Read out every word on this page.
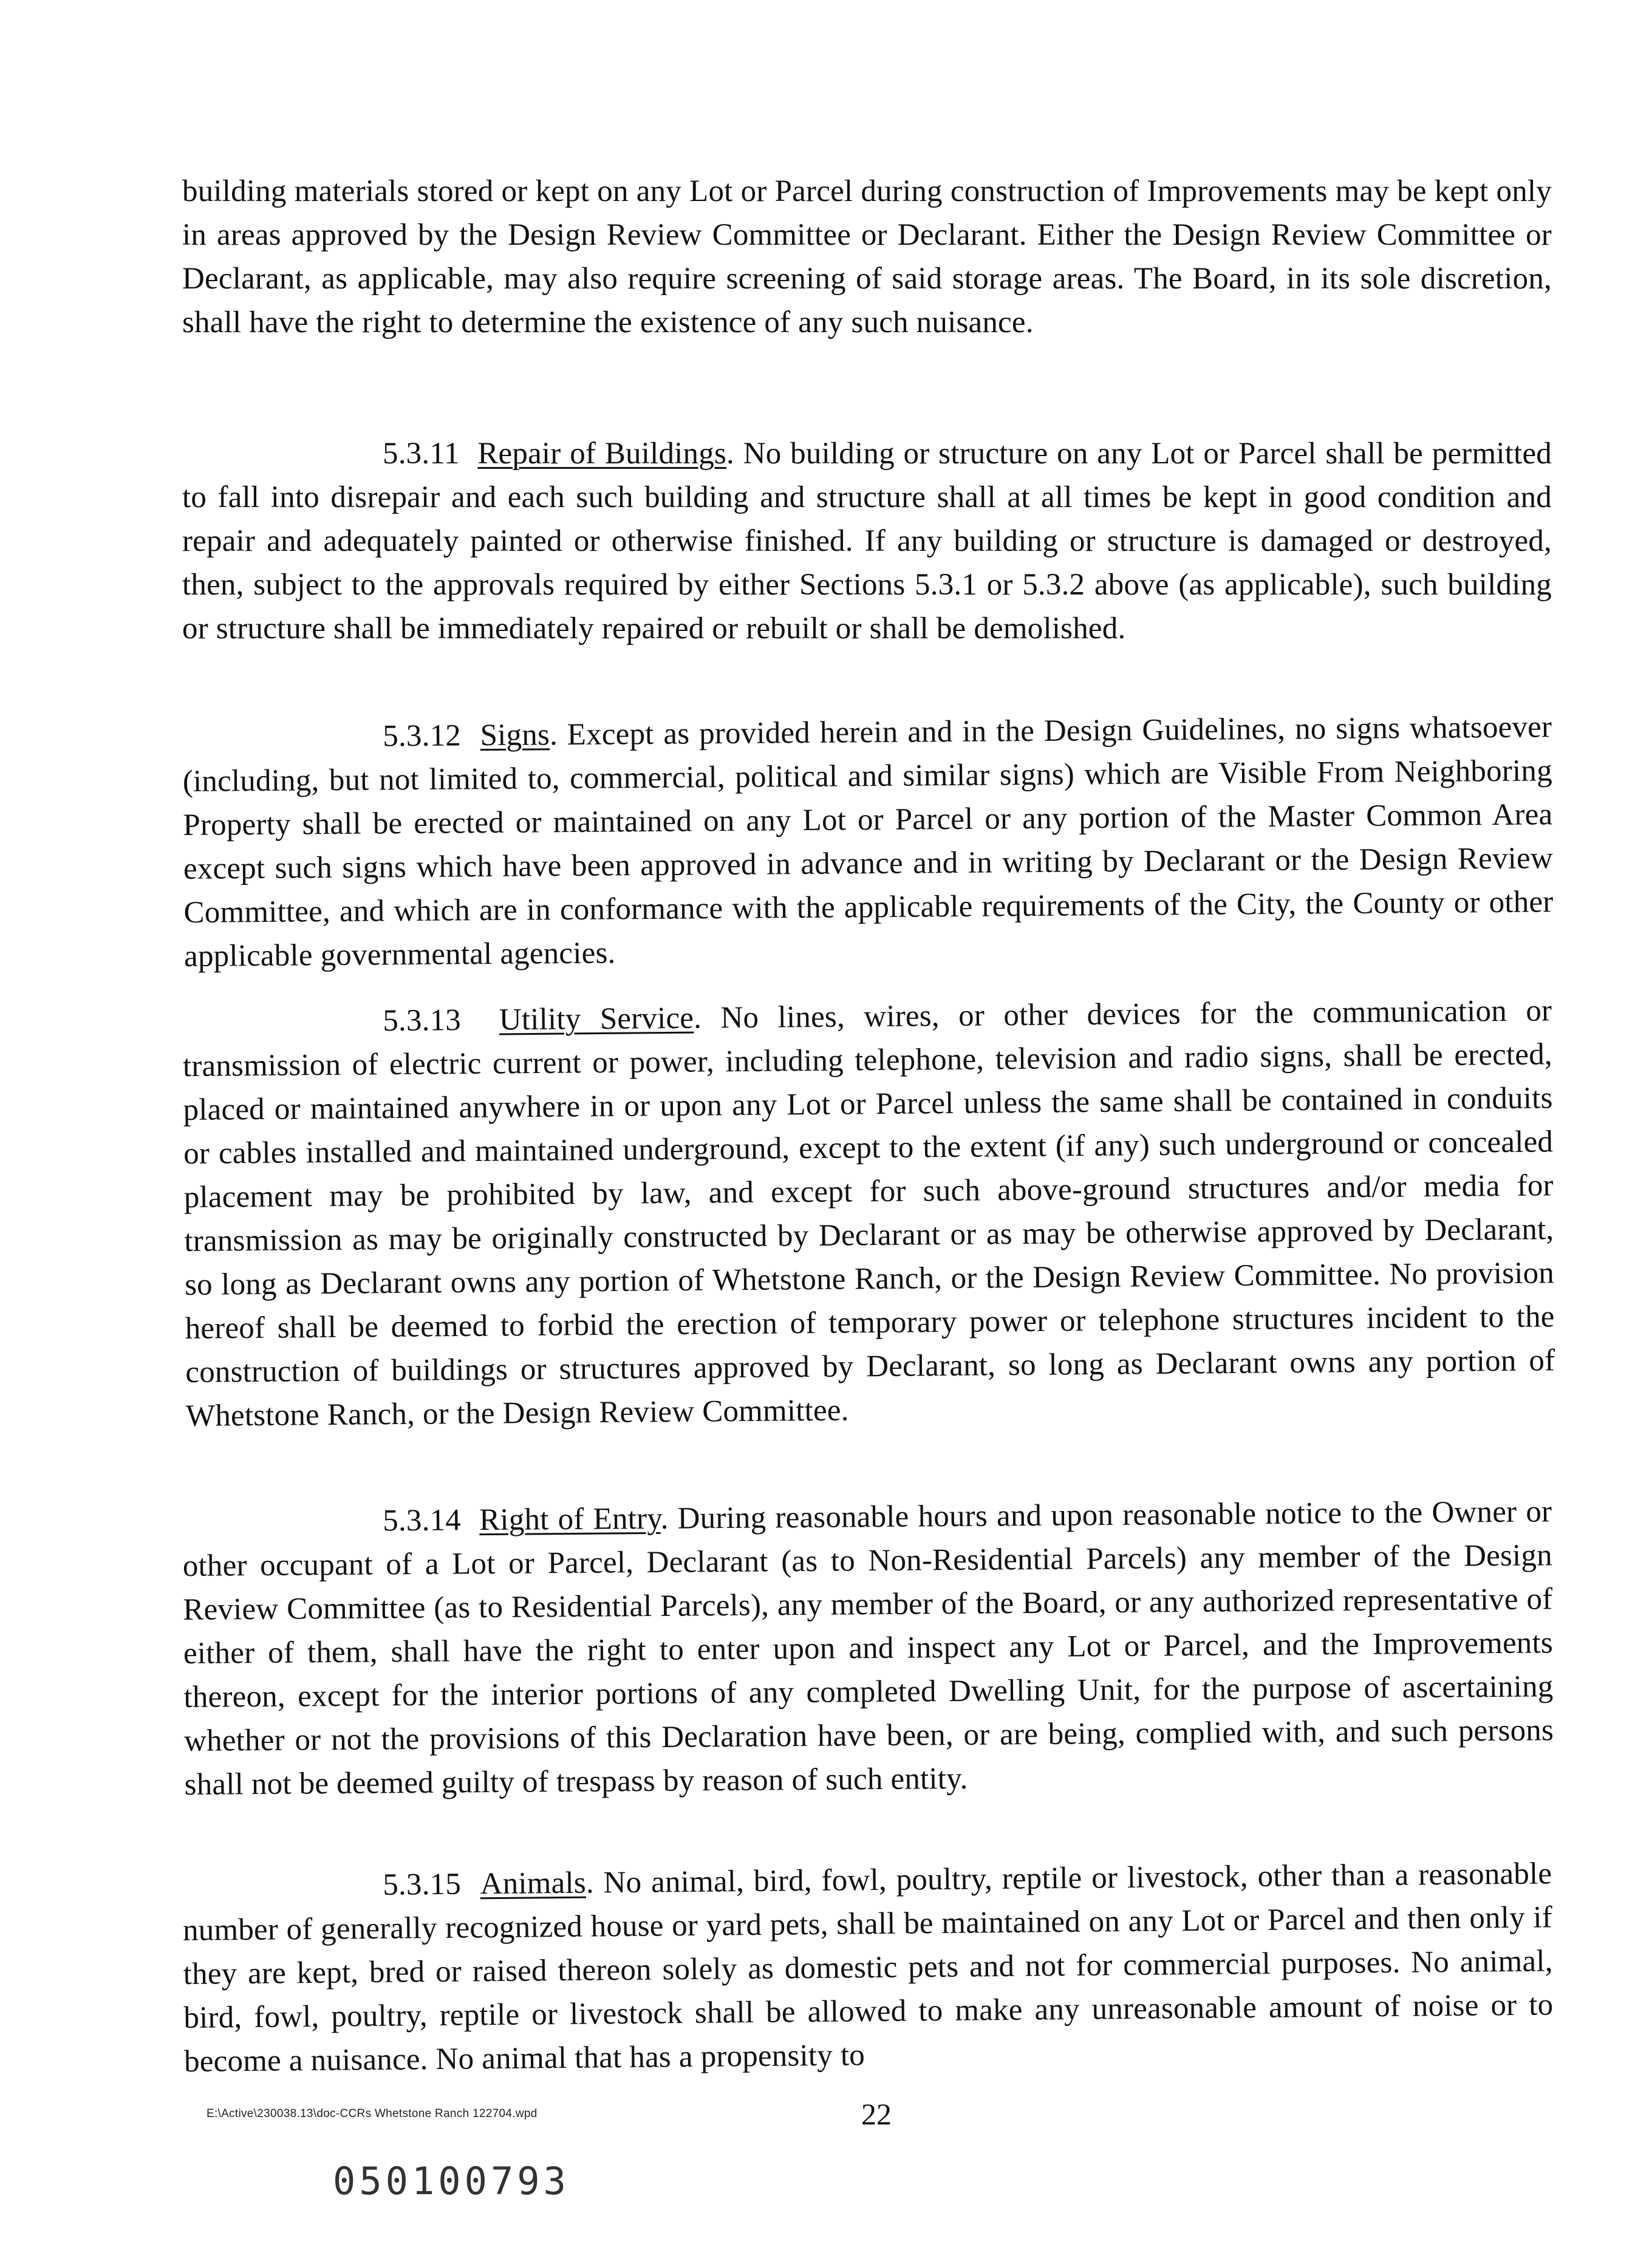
building materials stored or kept on any Lot or Parcel during construction of Improvements may be kept only in areas approved by the Design Review Committee or Declarant. Either the Design Review Committee or Declarant, as applicable, may also require screening of said storage areas. The Board, in its sole discretion, shall have the right to determine the existence of any such nuisance.

5.3.11 Repair of Buildings. No building or structure on any Lot or Parcel shall be permitted to fall into disrepair and each such building and structure shall at all times be kept in good condition and repair and adequately painted or otherwise finished. If any building or structure is damaged or destroyed, then, subject to the approvals required by either Sections 5.3.1 or 5.3.2 above (as applicable), such building or structure shall be immediately repaired or rebuilt or shall be demolished.

5.3.12 Signs. Except as provided herein and in the Design Guidelines, no signs whatsoever (including, but not limited to, commercial, political and similar signs) which are Visible From Neighboring Property shall be erected or maintained on any Lot or Parcel or any portion of the Master Common Area except such signs which have been approved in advance and in writing by Declarant or the Design Review Committee, and which are in conformance with the applicable requirements of the City, the County or other applicable governmental agencies.

5.3.13 Utility Service. No lines, wires, or other devices for the communication or transmission of electric current or power, including telephone, television and radio signs, shall be erected, placed or maintained anywhere in or upon any Lot or Parcel unless the same shall be contained in conduits or cables installed and maintained underground, except to the extent (if any) such underground or concealed placement may be prohibited by law, and except for such above-ground structures and/or media for transmission as may be originally constructed by Declarant or as may be otherwise approved by Declarant, so long as Declarant owns any portion of Whetstone Ranch, or the Design Review Committee. No provision hereof shall be deemed to forbid the erection of temporary power or telephone structures incident to the construction of buildings or structures approved by Declarant, so long as Declarant owns any portion of Whetstone Ranch, or the Design Review Committee.

5.3.14 Right of Entry. During reasonable hours and upon reasonable notice to the Owner or other occupant of a Lot or Parcel, Declarant (as to Non-Residential Parcels) any member of the Design Review Committee (as to Residential Parcels), any member of the Board, or any authorized representative of either of them, shall have the right to enter upon and inspect any Lot or Parcel, and the Improvements thereon, except for the interior portions of any completed Dwelling Unit, for the purpose of ascertaining whether or not the provisions of this Declaration have been, or are being, complied with, and such persons shall not be deemed guilty of trespass by reason of such entity.

5.3.15 Animals. No animal, bird, fowl, poultry, reptile or livestock, other than a reasonable number of generally recognized house or yard pets, shall be maintained on any Lot or Parcel and then only if they are kept, bred or raised thereon solely as domestic pets and not for commercial purposes. No animal, bird, fowl, poultry, reptile or livestock shall be allowed to make any unreasonable amount of noise or to become a nuisance. No animal that has a propensity to

E:\Active\230038.13\doc-CCRs Whetstone Ranch 122704.wpd	22
050100793
